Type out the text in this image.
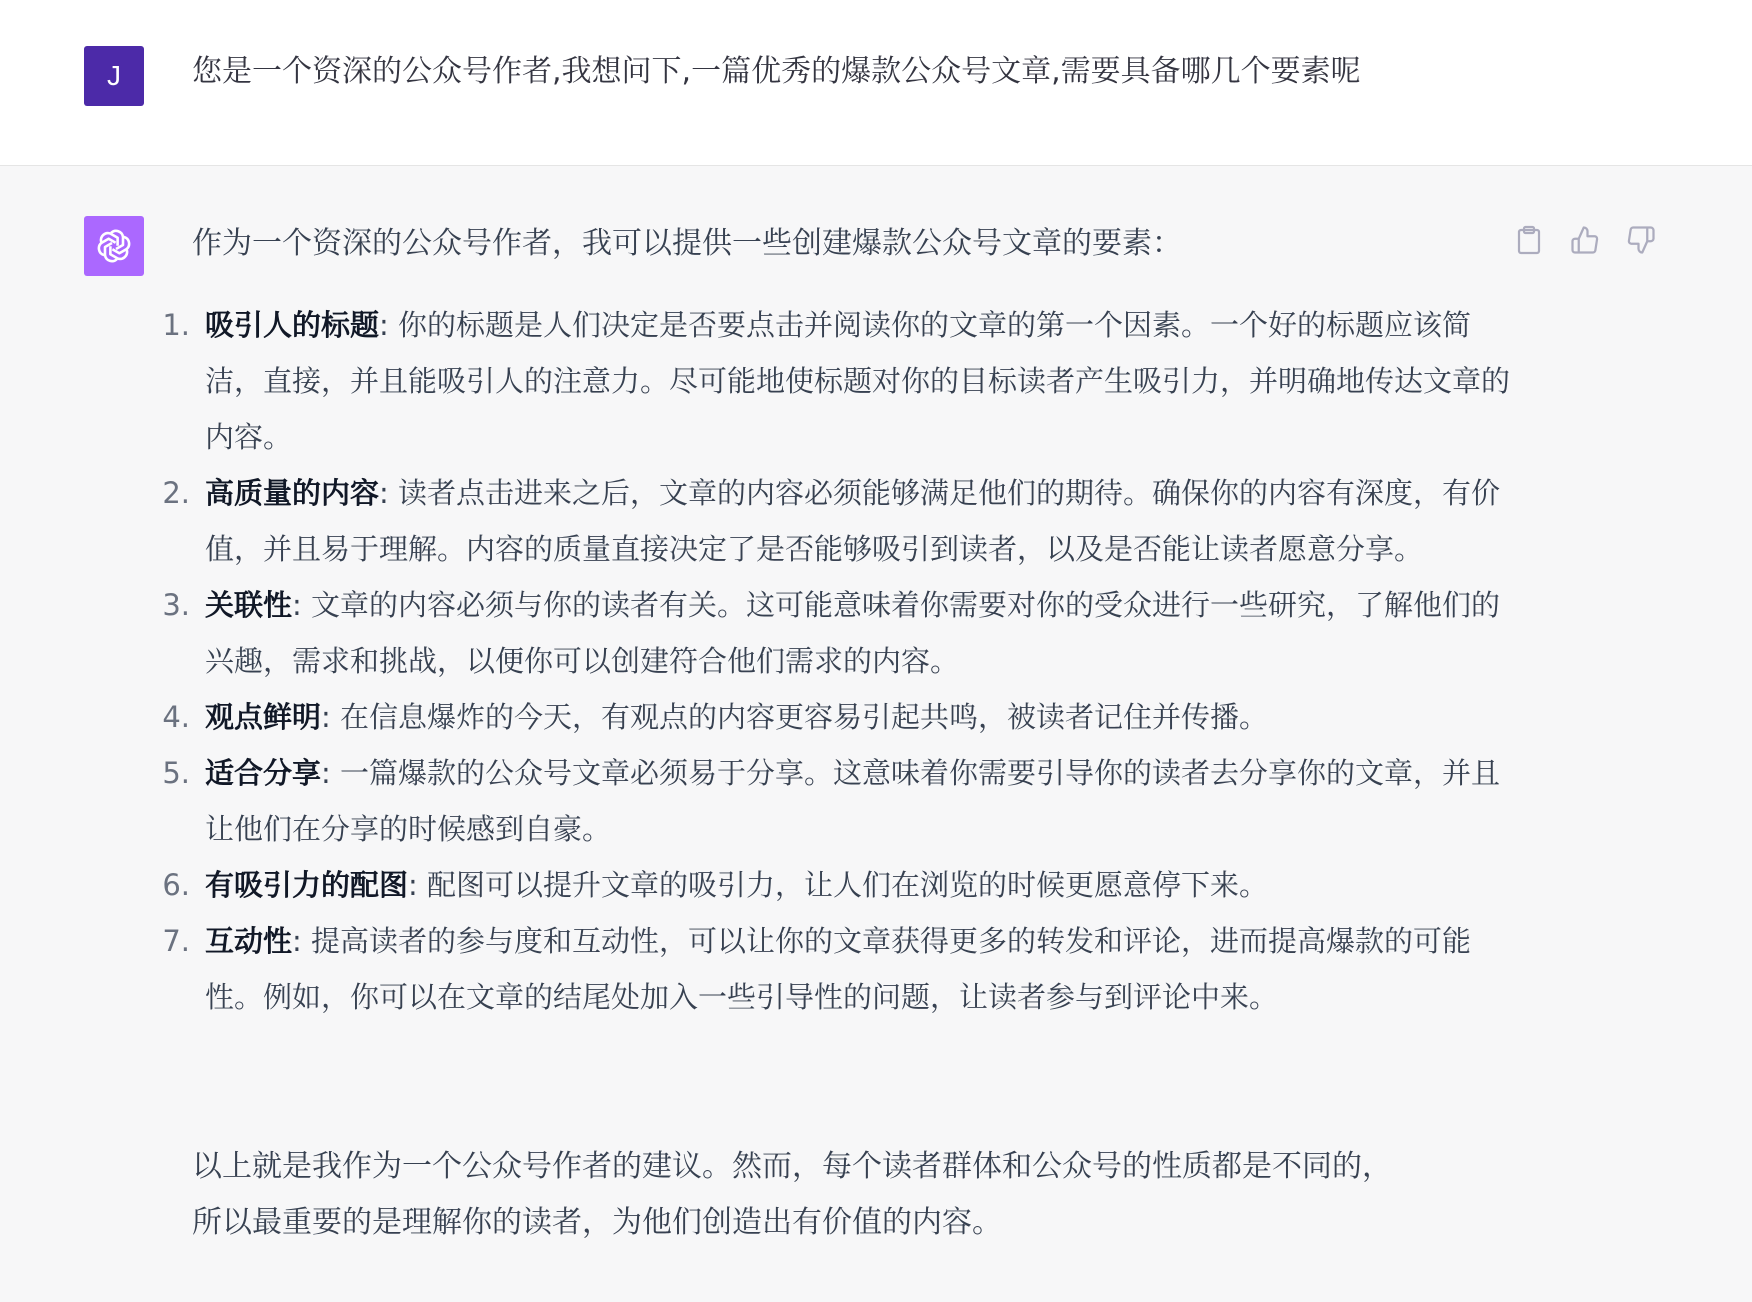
J	您是一个资深的公众号作者,我想问下,一篇优秀的爆款公众号文章,需要具备哪几个要素呢
作为一个资深的公众号作者，我可以提供一些创建爆款公众号文章的要素：
1. 吸引人的标题: 你的标题是人们决定是否要点击并阅读你的文章的第一个因素。一个好的标题应该简洁，直接，并且能吸引人的注意力。尽可能地使标题对你的目标读者产生吸引力，并明确地传达文章的内容。
2. 高质量的内容: 读者点击进来之后，文章的内容必须能够满足他们的期待。确保你的内容有深度，有价值，并且易于理解。内容的质量直接决定了是否能够吸引到读者，以及是否能让读者愿意分享。
3. 关联性: 文章的内容必须与你的读者有关。这可能意味着你需要对你的受众进行一些研究，了解他们的兴趣，需求和挑战，以便你可以创建符合他们需求的内容。
4. 观点鲜明: 在信息爆炸的今天，有观点的内容更容易引起共鸣，被读者记住并传播。
5. 适合分享: 一篇爆款的公众号文章必须易于分享。这意味着你需要引导你的读者去分享你的文章，并且让他们在分享的时候感到自豪。
6. 有吸引力的配图: 配图可以提升文章的吸引力，让人们在浏览的时候更愿意停下来。
7. 互动性: 提高读者的参与度和互动性，可以让你的文章获得更多的转发和评论，进而提高爆款的可能性。例如，你可以在文章的结尾处加入一些引导性的问题，让读者参与到评论中来。
以上就是我作为一个公众号作者的建议。然而，每个读者群体和公众号的性质都是不同的，
所以最重要的是理解你的读者，为他们创造出有价值的内容。
